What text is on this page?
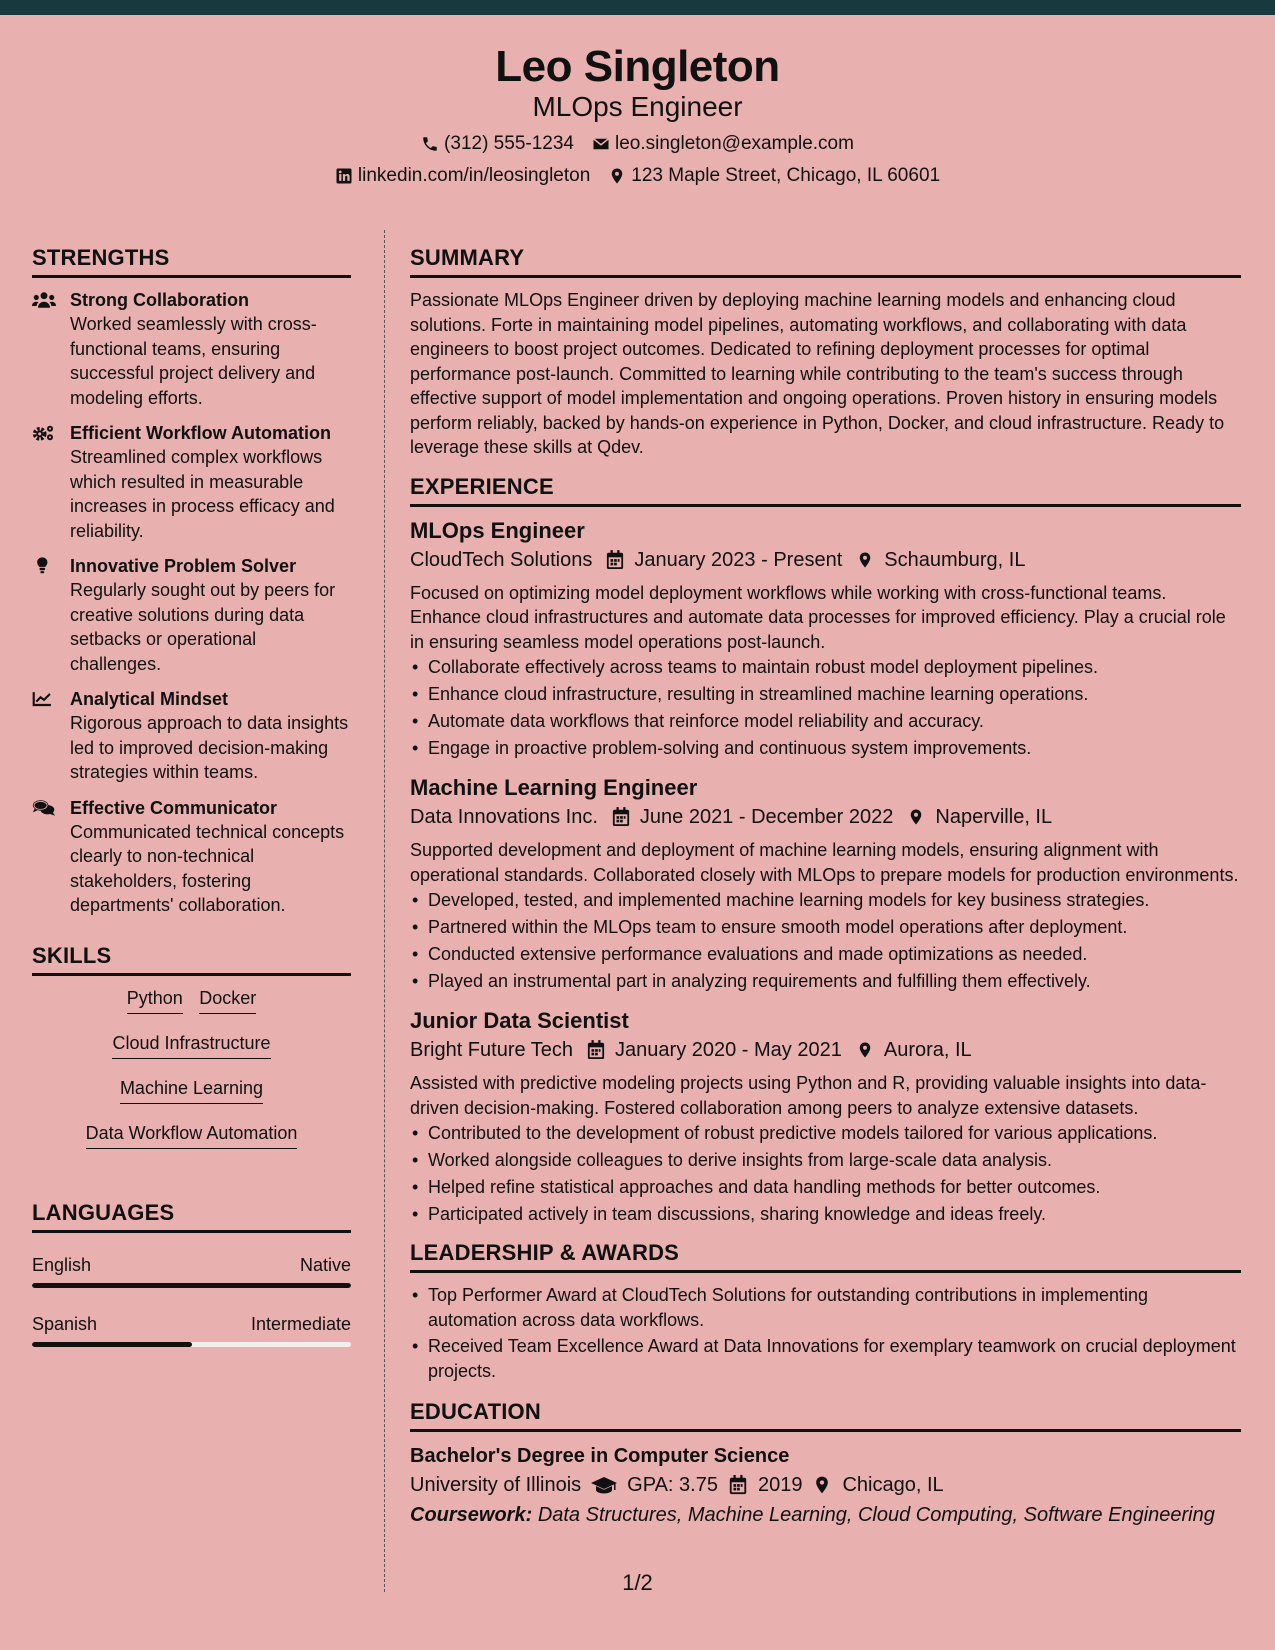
Leo Singleton
MLOps Engineer
(312) 555-1234 leo.singleton@example.com
linkedin.com/in/leosingleton 123 Maple Street, Chicago, IL 60601
STRENGTHS
Strong Collaboration
Worked seamlessly with cross-functional teams, ensuring successful project delivery and modeling efforts.
Efficient Workflow Automation
Streamlined complex workflows which resulted in measurable increases in process efficacy and reliability.
Innovative Problem Solver
Regularly sought out by peers for creative solutions during data setbacks or operational challenges.
Analytical Mindset
Rigorous approach to data insights led to improved decision-making strategies within teams.
Effective Communicator
Communicated technical concepts clearly to non-technical stakeholders, fostering departments' collaboration.
SKILLS
Python Docker
Cloud Infrastructure
Machine Learning
Data Workflow Automation
LANGUAGES
English	Native
Spanish	Intermediate
SUMMARY
Passionate MLOps Engineer driven by deploying machine learning models and enhancing cloud solutions. Forte in maintaining model pipelines, automating workflows, and collaborating with data engineers to boost project outcomes. Dedicated to refining deployment processes for optimal performance post-launch. Committed to learning while contributing to the team's success through effective support of model implementation and ongoing operations. Proven history in ensuring models perform reliably, backed by hands-on experience in Python, Docker, and cloud infrastructure. Ready to leverage these skills at Qdev.
EXPERIENCE
MLOps Engineer
CloudTech Solutions January 2023 - Present Schaumburg, IL
Focused on optimizing model deployment workflows while working with cross-functional teams. Enhance cloud infrastructures and automate data processes for improved efficiency. Play a crucial role in ensuring seamless model operations post-launch.
• Collaborate effectively across teams to maintain robust model deployment pipelines.
• Enhance cloud infrastructure, resulting in streamlined machine learning operations.
• Automate data workflows that reinforce model reliability and accuracy.
• Engage in proactive problem-solving and continuous system improvements.
Machine Learning Engineer
Data Innovations Inc. June 2021 - December 2022 Naperville, IL
Supported development and deployment of machine learning models, ensuring alignment with operational standards. Collaborated closely with MLOps to prepare models for production environments.
• Developed, tested, and implemented machine learning models for key business strategies.
• Partnered within the MLOps team to ensure smooth model operations after deployment.
• Conducted extensive performance evaluations and made optimizations as needed.
• Played an instrumental part in analyzing requirements and fulfilling them effectively.
Junior Data Scientist
Bright Future Tech January 2020 - May 2021 Aurora, IL
Assisted with predictive modeling projects using Python and R, providing valuable insights into data-driven decision-making. Fostered collaboration among peers to analyze extensive datasets.
• Contributed to the development of robust predictive models tailored for various applications.
• Worked alongside colleagues to derive insights from large-scale data analysis.
• Helped refine statistical approaches and data handling methods for better outcomes.
• Participated actively in team discussions, sharing knowledge and ideas freely.
LEADERSHIP & AWARDS
• Top Performer Award at CloudTech Solutions for outstanding contributions in implementing automation across data workflows.
• Received Team Excellence Award at Data Innovations for exemplary teamwork on crucial deployment projects.
EDUCATION
Bachelor's Degree in Computer Science
University of Illinois GPA: 3.75 2019 Chicago, IL
Coursework: Data Structures, Machine Learning, Cloud Computing, Software Engineering
1/2
